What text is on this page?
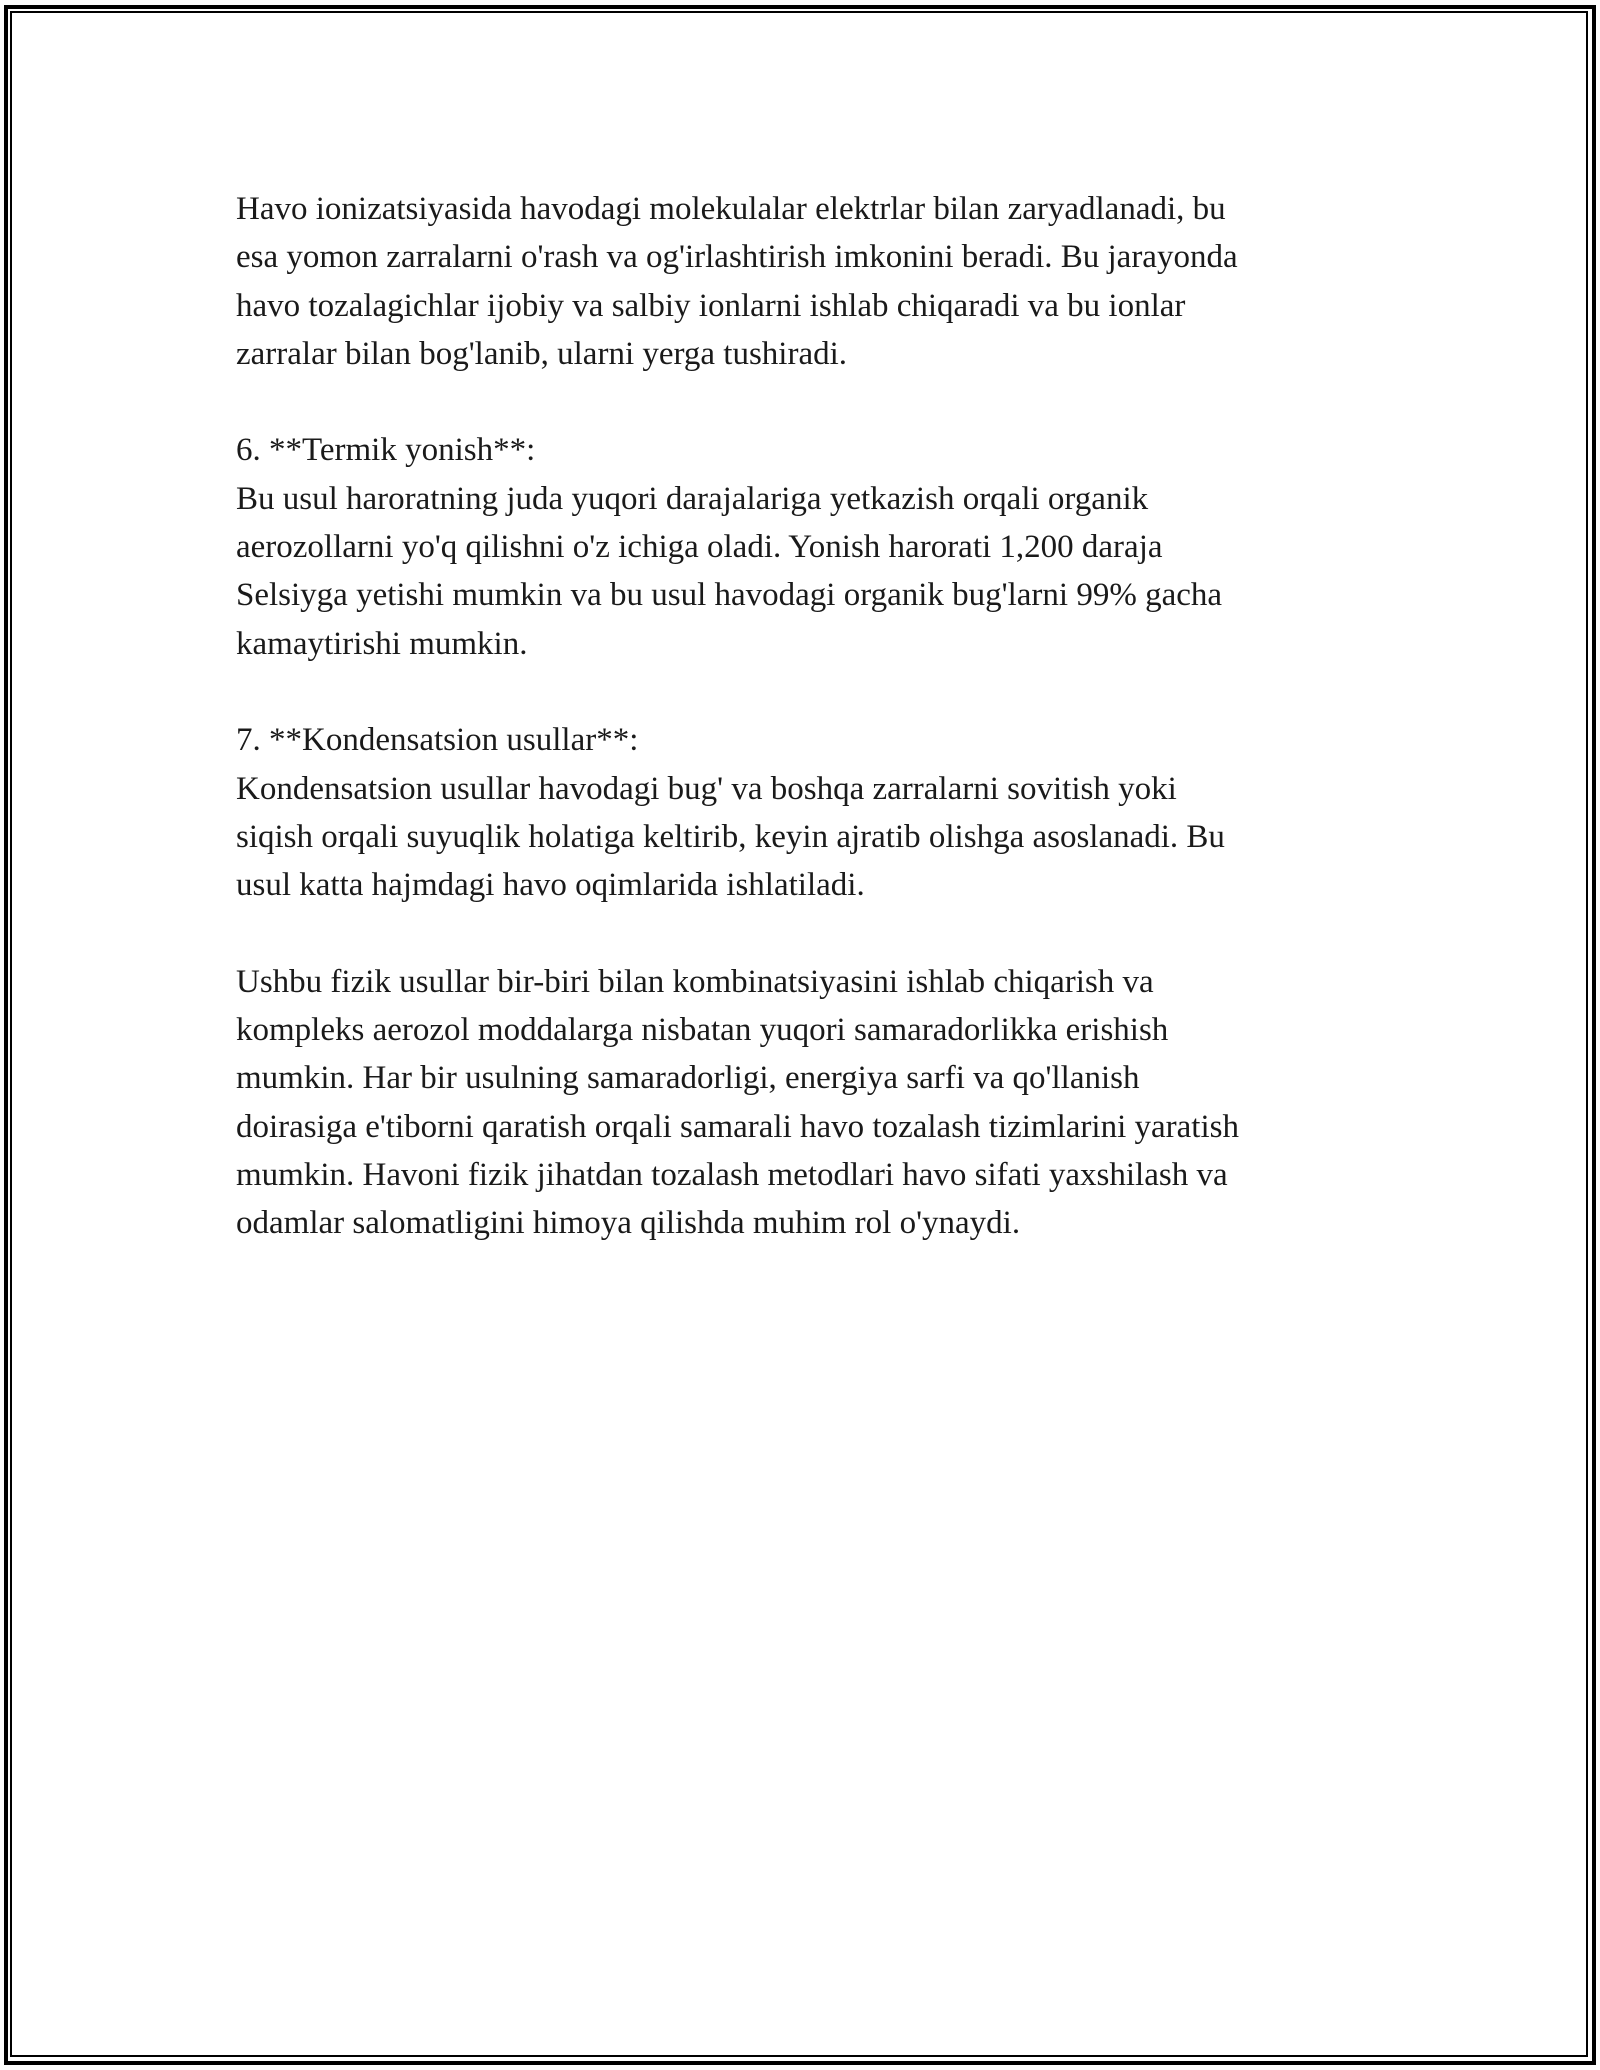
Havo ionizatsiyasida havodagi molekulalar elektrlar bilan zaryadlanadi, bu
esa yomon zarralarni o'rash va og'irlashtirish imkonini beradi. Bu jarayonda
havo tozalagichlar ijobiy va salbiy ionlarni ishlab chiqaradi va bu ionlar
zarralar bilan bog'lanib, ularni yerga tushiradi.

6. **Termik yonish**:

Bu usul haroratning juda yuqori darajalariga yetkazish orqali organik
aerozollarni yo'q qilishni o'z ichiga oladi. Yonish harorati 1,200 daraja
Selsiyga yetishi mumkin va bu usul havodagi organik bug'larni 99% gacha
kamaytirishi mumkin.

7. **Kondensatsion usullar**:

Kondensatsion usullar havodagi bug' va boshqa zarralarni sovitish yoki
siqish orqali suyuqlik holatiga keltirib, keyin ajratib olishga asoslanadi. Bu
usul katta hajmdagi havo oqimlarida ishlatiladi.

Ushbu fizik usullar bir-biri bilan kombinatsiyasini ishlab chiqarish va
kompleks aerozol moddalarga nisbatan yuqori samaradorlikka erishish
mumkin. Har bir usulning samaradorligi, energiya sarfi va qo'llanish
doirasiga e'tiborni qaratish orqali samarali havo tozalash tizimlarini yaratish
mumkin. Havoni fizik jihatdan tozalash metodlari havo sifati yaxshilash va
odamlar salomatligini himoya qilishda muhim rol o'ynaydi.
